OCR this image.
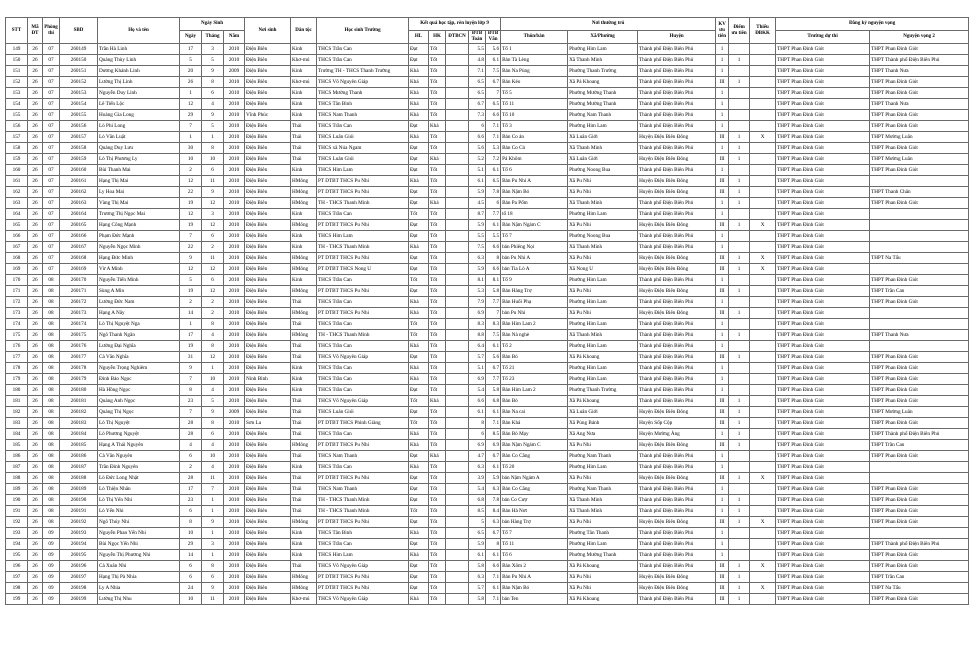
STT	Mã ĐT	Phòng thi	SBD	Họ và tên	Ngày Sinh			Nơi sinh	Dân tộc	Học sinh Trường	Kết quả học tập, rèn luyện lớp 9					Nơi thường trú			KV ưu tiên	Điểm ưu tiên	Thiểu ĐBKK	Đăng ký nguyện vọng	

					Ngày	Tháng	Năm				HL	HK	ĐTBCN	ĐTB Toán	ĐTB Văn	Thôn/bản	Xã/Phường	Huyện				Trường dự thi	Nguyện vọng 2
149	26	07	260149	Trần Hà Linh	17	3	2010	Điện Biên	Kinh	THCS Trần Can	Đạt	Tốt		5.5	5.6	Tổ 1	Phường Him Lam	Thành phố Điện Biên Phủ	1			THPT Phan Đình Giót	THPT Phan Đình Giót
150	26	07	260150	Quàng Thùy Linh	5	5	2010	Điện Biên	Khơ-mú	THCS Trần Can	Đạt	Tốt		4.8	6.1	Bản Tà Lèng	Xã Thanh Minh	Thành phố Điện Biên Phủ	1	1		THPT Phan Đình Giót	THPT Thành phố Điện Biên Phủ
151	26	07	260151	Dương Khánh Linh	20	9	2009	Điện Biên	Kinh	Trường TH - THCS Thanh Trường	Khá	Tốt		7.1	7.5	Bản Na Pùng	Phường Thanh Trường	Thành phố Điện Biên Phủ	1			THPT Phan Đình Giót	THPT Thanh Nưa
152	26	07	260152	Lường Thị Linh	26	8	2010	Điện Biên	Khơ-mú	THCS Võ Nguyên Giáp	Khá	Tốt		6.5	6.7	Bản Kéo	Xã Pá Khoang	Thành phố Điện Biên Phủ	III	1		THPT Phan Đình Giót	THPT Phan Đình Giót
153	26	07	260153	Nguyễn Duy Linh	1	6	2010	Điện Biên	Kinh	THCS Mường Thanh	Khá	Tốt		6.5	7	Tổ 5	Phường Mường Thanh	Thành phố Điện Biên Phủ	1			THPT Phan Đình Giót	THPT Phan Đình Giót
154	26	07	260154	Lê Tiến Lộc	12	4	2010	Điện Biên	Kinh	THCS Tân Bình	Khá	Tốt		6.7	6.5	Tổ 11	Phường Mường Thanh	Thành phố Điện Biên Phủ	1			THPT Phan Đình Giót	THPT Thanh Nưa
155	26	07	260155	Hoàng Gia Long	29	9	2010	Vĩnh Phúc	Kinh	THCS Nam Thanh	Khá	Tốt		7.3	6.6	Tổ 10	Phường Nam Thanh	Thành phố Điện Biên Phủ	1			THPT Phan Đình Giót	THPT Phan Đình Giót
156	26	07	260156	Lò Phi Long	7	5	2010	Điện Biên	Thái	THCS Trần Can	Đạt	Khá		6	7.1	Tổ 3	Phường Him Lam	Thành phố Điện Biên Phủ	1			THPT Phan Đình Giót	THPT Phan Đình Giót
157	26	07	260157	Lò Văn Luật	1	1	2010	Điện Biên	Thái	THCS Luân Giói	Khá	Tốt		6.6	7.1	Bản Co ản	Xã Luân Giới	Huyện Điện Biên Đông	III	1	X	THPT Phan Đình Giót	THPT Mường Luân
158	26	07	260158	Quàng Duy Lưu	30	8	2010	Điện Biên	Thái	THCS xã Núa Ngam	Đạt	Tốt		5.6	5.3	Bản Co Củ	Xã Thanh Minh	Thành phố Điện Biên Phủ	1	1		THPT Phan Đình Giót	THPT Phan Đình Giót
159	26	07	260159	Lò Thị Phương Ly	10	10	2010	Điện Biên	Thái	THCS Luân Giói	Đạt	Khá		5.2	7.2	Pá Khôm	Xã Luân Giới	Huyện Điện Biên Đông	III	1		THPT Phan Đình Giót	THPT Mường Luân
160	26	07	260160	Bùi Thanh Mai	2	6	2010	Điện Biên	Kinh	THCS Him Lam	Đạt	Tốt		5.1	6.1	Tổ 6	Phường Noong Bua	Thành phố Điện Biên Phủ	1			THPT Phan Đình Giót	THPT Phan Đình Giót
161	26	07	260161	Hạng Thị Mai	12	11	2010	Điện Biên	HMông	PT DTBT THCS Pu Nhi	Khá	Tốt		6.1	6.5	Bản Pu Nhi A	Xã Pu Nhi	Huyện Điện Biên Đông	III	1		THPT Phan Đình Giót	
162	26	07	260162	Ly Hoa Mai	22	9	2010	Điện Biên	HMông	PT DTBT THCS Pu Nhi	Đạt	Tốt		5.9	7.8	Bản Nậm Bó	Xã Pu Nhi	Huyện Điện Biên Đông	III	1		THPT Phan Đình Giót	THPT Thanh Chăn
163	26	07	260163	Vàng Thị Mai	19	12	2010	Điện Biên	HMông	TH - THCS Thanh Minh	Đạt	Khá		4.5	6	Bản Pa Pốm	Xã Thanh Minh	Thành phố Điện Biên Phủ	1	1		THPT Phan Đình Giót	THPT Phan Đình Giót
164	26	07	260164	Trương Thị Ngọc Mai	12	3	2010	Điện Biên	Kinh	THCS Trần Can	Tốt	Tốt		8.7	7.7	tổ 18	Phường Him Lam	Thành phố Điện Biên Phủ	1			THPT Phan Đình Giót	
165	26	07	260165	Hạng Công Mạnh	19	12	2010	Điện Biên	HMông	PT DTBT THCS Pu Nhi	Đạt	Tốt		5.9	6.1	Bản Nậm Ngám C	Xã Pu Nhi	Huyện Điện Biên Đông	III	1	X	THPT Phan Đình Giót	
166	26	07	260166	Phạm Đức Mạnh	7	6	2010	Điện Biên	Kinh	THCS Him Lam	Đạt	Tốt		5.5	5.5	Tổ 7	Phường Noong Bua	Thành phố Điện Biên Phủ	1			THPT Phan Đình Giót	
167	26	07	260167	Nguyễn Ngọc Minh	22	2	2010	Điện Biên	Kinh	TH - THCS Thanh Minh	Khá	Tốt		7.5	6.6	bản Phiêng Nọi	Xã Thanh Minh	Thành phố Điện Biên Phủ	1			THPT Phan Đình Giót	
168	26	07	260168	Hạng Đức Minh	9	11	2010	Điện Biên	HMông	PT DTBT THCS Pu Nhi	Đạt	Tốt		6.3	8	bản Pu Nhi A	Xã Pu Nhi	Huyện Điện Biên Đông	III	1	X	THPT Phan Đình Giót	THPT Na Tấu
169	26	07	260169	Vừ A Minh	12	12	2010	Điện Biên	HMông	PT DTBT THCS Nong U	Đạt	Tốt		5.9	6.6	bản Tìa Lò A	Xã Nong U	Huyện Điện Biên Đông	III	1	X	THPT Phan Đình Giót	
170	26	08	260170	Nguyễn Tiến Minh	5	6	2010	Điện Biên	Kinh	THCS Trần Can	Tốt	Tốt		8.1	8.1	Tổ 9	Phường Him Lam	Thành phố Điện Biên Phủ	1			THPT Phan Đình Giót	THPT Phan Đình Giót
171	26	08	260171	Sùng A Mìn	19	12	2010	Điện Biên	HMông	PT DTBT THCS Pu Nhi	Đạt	Tốt		5.3	5.8	Bản Hàng Trợ	Xã Pu Nhi	Huyện Điện Biên Đông	III	1		THPT Phan Đình Giót	THPT Trần Can
172	26	08	260172	Lường Đức Nam	2	2	2010	Điện Biên	Thái	THCS Trần Can	Khá	Tốt		7.9	7.7	Bản Huổi Phạ	Phường Him Lam	Thành phố Điện Biên Phủ	1			THPT Phan Đình Giót	THPT Phan Đình Giót
173	26	08	260173	Hạng A Nây	14	2	2010	Điện Biên	HMông	PT DTBT THCS Pu Nhi	Khá	Tốt		6.9	7	bản Pu Nhi	Xã Pu Nhi	Huyện Điện Biên Đông	III	1		THPT Phan Đình Giót	
174	26	08	260174	Lò Thị Nguyệt Nga	1	8	2010	Điện Biên	Thái	THCS Trần Can	Tốt	Tốt		8.3	8.3	Bản Him Lam 2	Phường Him Lam	Thành phố Điện Biên Phủ	1			THPT Phan Đình Giót	
175	26	08	260175	Ngô Thanh Ngân	17	4	2010	Điện Biên	HMông	TH - THCS Thanh Minh	Tốt	Tốt		8.8	7.5	Bản Nà nghè	Xã Thanh Minh	Thành phố Điện Biên Phủ	1	1		THPT Phan Đình Giót	THPT Thanh Nưa
176	26	08	260176	Lường Đại Nghĩa	19	8	2010	Điện Biên	Thái	THCS Trần Can	Khá	Tốt		6.4	6.1	Tổ 2	Phường Him Lam	Thành phố Điện Biên Phủ	1			THPT Phan Đình Giót	
177	26	08	260177	Cà Văn Nghĩa	31	12	2010	Điện Biên	Thái	THCS Võ Nguyên Giáp	Đạt	Tốt		5.7	5.6	Bản Bó	Xã Pá Khoang	Thành phố Điện Biên Phủ	III	1		THPT Phan Đình Giót	THPT Phan Đình Giót
178	26	08	260178	Nguyễn Trọng Nghiêm	9	1	2010	Điện Biên	Kinh	THCS Trần Can	Khá	Tốt		5.1	6.7	Tổ 21	Phường Him Lam	Thành phố Điện Biên Phủ	1			THPT Phan Đình Giót	THPT Phan Đình Giót
179	26	08	260179	Đinh Bảo Ngọc	7	10	2010	Ninh Bình	Kinh	THCS Trần Can	Khá	Tốt		6.9	7.7	Tổ 23	Phường Him Lam	Thành phố Điện Biên Phủ	1			THPT Phan Đình Giót	THPT Phan Đình Giót
180	26	08	260180	Hà Hồng Ngọc	8	4	2010	Điện Biên	Kinh	THCS Trần Can	Đạt	Tốt		5.4	5.8	Bản Him Lam 2	Phường Thanh Trường	Thành phố Điện Biên Phủ	1			THPT Phan Đình Giót	THPT Phan Đình Giót
181	26	08	260181	Quàng Anh Ngọc	23	5	2010	Điện Biên	Thái	THCS Võ Nguyên Giáp	Tốt	Khá		6.6	6.8	Bản Bó	Xã Pá Khoang	Thành phố Điện Biên Phủ	III	1		THPT Phan Đình Giót	THPT Phan Đình Giót
182	26	08	260182	Quàng Thị Ngọc	7	9	2009	Điện Biên	Thái	THCS Luân Giói	Đạt	Tốt		6.1	6.1	Bản Na cai	Xã Luân Giới	Huyện Điện Biên Đông	III	1		THPT Phan Đình Giót	THPT Mường Luân
183	26	08	260183	Lò Thị Nguyệt	28	8	2010	Sơn La	Thái	PT DTBT THCS Phình Giàng	Tốt	Tốt		8	7.1	Bản Khá	Xã Pùng Bánh	Huyện Sốp Cộp	III	1		THPT Phan Đình Giót	THPT Phan Đình Giót
184	26	08	260184	Lò Phương Nguyệt	28	6	2010	Điện Biên	Thái	THCS Trần Can	Khá	Tốt		6	8.5	Bản Bó Mạy	Xã Ang Nưa	Huyện Mường Ảng	1	1		THPT Phan Đình Giót	THPT Thành phố Điện Biên Phủ
185	26	08	260185	Hạng A Thái Nguyên	4	4	2010	Điện Biên	HMông	PT DTBT THCS Pu Nhi	Khá	Tốt		6.9	6.9	Bản Nậm Ngám C	Xã Pu Nhi	Huyện Điện Biên Đông	III	1		THPT Phan Đình Giót	THPT Trần Can
186	26	08	260186	Cà Văn Nguyên	6	10	2010	Điện Biên	Thái	THCS Nam Thanh	Đạt	Khá		4.7	6.7	Bản Co Căng	Phường Nam Thanh	Thành phố Điện Biên Phủ	1			THPT Phan Đình Giót	THPT Phan Đình Giót
187	26	08	260187	Trần Đình Nguyên	2	4	2010	Điện Biên	Kinh	THCS Trần Can	Khá	Tốt		6.3	6.1	Tổ 20	Phường Him Lam	Thành phố Điện Biên Phủ	1			THPT Phan Đình Giót	
188	26	08	260188	Lò Đức Long Nhật	28	11	2010	Điện Biên	Thái	PT DTBT THCS Pu Nhi	Đạt	Tốt		3.9	5.9	bản Nậm Ngám A	Xã Pu Nhi	Huyện Điện Biên Đông	III	1	X	THPT Phan Đình Giót	
189	26	08	260189	Lò Thiện Nhân	17	7	2010	Điện Biên	Thái	THCS Nam Thanh	Đạt	Tốt		5.4	6.3	Bản Co Căng	Phường Nam Thanh	Thành phố Điện Biên Phủ	1			THPT Phan Đình Giót	THPT Phan Đình Giót
190	26	08	260190	Lò Thị Yến Nhi	23	1	2010	Điện Biên	Thái	TH - THCS Thanh Minh	Đạt	Tốt		6.8	7.8	bản Co Cượ	Xã Thanh Minh	Thành phố Điện Biên Phủ	1	1		THPT Phan Đình Giót	THPT Phan Đình Giót
191	26	08	260191	Lò Yến Nhi	6	1	2010	Điện Biên	Thái	TH - THCS Thanh Minh	Tốt	Tốt		8.5	8.4	Bản Hả Nơt	Xã Thanh Minh	Thành phố Điện Biên Phủ	1	1		THPT Phan Đình Giót	THPT Phan Đình Giót
192	26	08	260192	Ngô Thúy Nhi	8	9	2010	Điện Biên	HMông	PT DTBT THCS Pu Nhi	Đạt	Tốt		5	6.3	bản Hàng Trợ	Xã Pu Nhi	Huyện Điện Biên Đông	III	1	X	THPT Phan Đình Giót	THPT Phan Đình Giót
193	26	09	260193	Nguyễn Phan Yến Nhi	10	1	2010	Điện Biên	Kinh	THCS Tân Bình	Khá	Tốt		6.5	6.7	Tổ 7	Phường Tân Thanh	Thành phố Điện Biên Phủ	1			THPT Phan Đình Giót	
194	26	09	260194	Bùi Ngọc Yến Nhi	29	3	2010	Điện Biên	Kinh	THCS Trần Can	Đạt	Tốt		5.9	8	Tổ 11	Phường Him Lam	Thành phố Điện Biên Phủ	1			THPT Phan Đình Giót	THPT Thành phố Điện Biên Phủ
195	26	09	260195	Nguyễn Thị Phương Nhi	14	1	2010	Điện Biên	Kinh	THCS Him Lam	Khá	Tốt		6.1	6.1	Tổ 6	Phường Mường Thanh	Thành phố Điện Biên Phủ	1			THPT Phan Đình Giót	THPT Phan Đình Giót
196	26	09	260196	Cà Xuân Nhi	6	8	2010	Điện Biên	Thái	THCS Võ Nguyên Giáp	Đạt	Tốt		5.8	6.6	Bản Xôm 2	Xã Pá Khoang	Thành phố Điện Biên Phủ	III	1	X	THPT Phan Đình Giót	THPT Phan Đình Giót
197	26	09	260197	Hạng Thị Pà Nhia	6	6	2010	Điện Biên	HMông	PT DTBT THCS Pu Nhi	Đạt	Tốt		6.3	7.1	Bản Pu Nhi A	Xã Pu Nhi	Huyện Điện Biên Đông	III	1		THPT Phan Đình Giót	THPT Trần Can
198	26	09	260198	Ly A Nhìa	24	9	2010	Điện Biên	HMông	PT DTBT THCS Pu Nhi	Đạt	Tốt		5.7	6.1	Bản Nậm Bó	Xã Pu Nhi	Huyện Điện Biên Đông	III	1	X	THPT Phan Đình Giót	THPT Na Tấu
199	26	09	260199	Lường Thị Nhu	10	11	2010	Điện Biên	Khơ-mú	THCS Võ Nguyên Giáp	Khá	Tốt		5.8	7.1	bản Ten	Xã Pá Khoang	Thành phố Điện Biên Phủ	III	1		THPT Phan Đình Giót	THPT Phan Đình Giót
